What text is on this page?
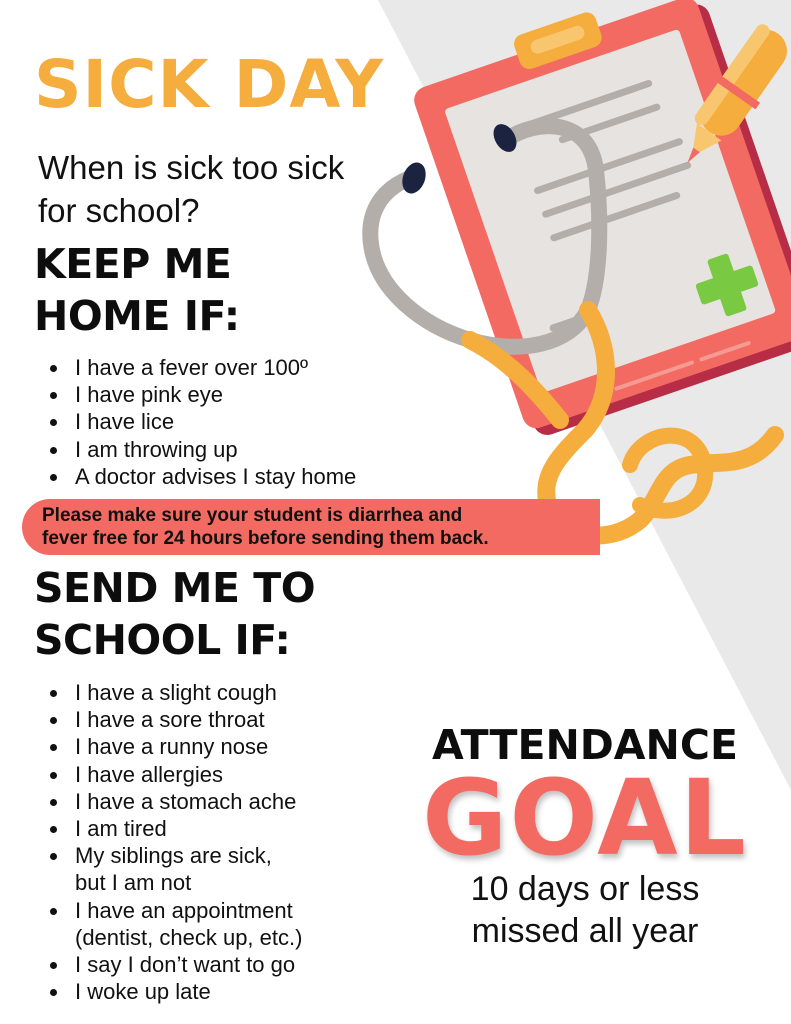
SICK DAY

When is sick too sick for school?

KEEP ME HOME IF:
I have a fever over 100º
I have pink eye
I have lice
I am throwing up
A doctor advises I stay home

Please make sure your student is diarrhea and
fever free for 24 hours before sending them back.

SEND ME TO SCHOOL IF:
I have a slight cough
I have a sore throat
I have a runny nose
I have allergies
I have a stomach ache
I am tired
My siblings are sick,
but I am not
I have an appointment
(dentist, check up, etc.)
I say I don’t want to go
I woke up late

ATTENDANCE

GOAL

10 days or less
missed all year
